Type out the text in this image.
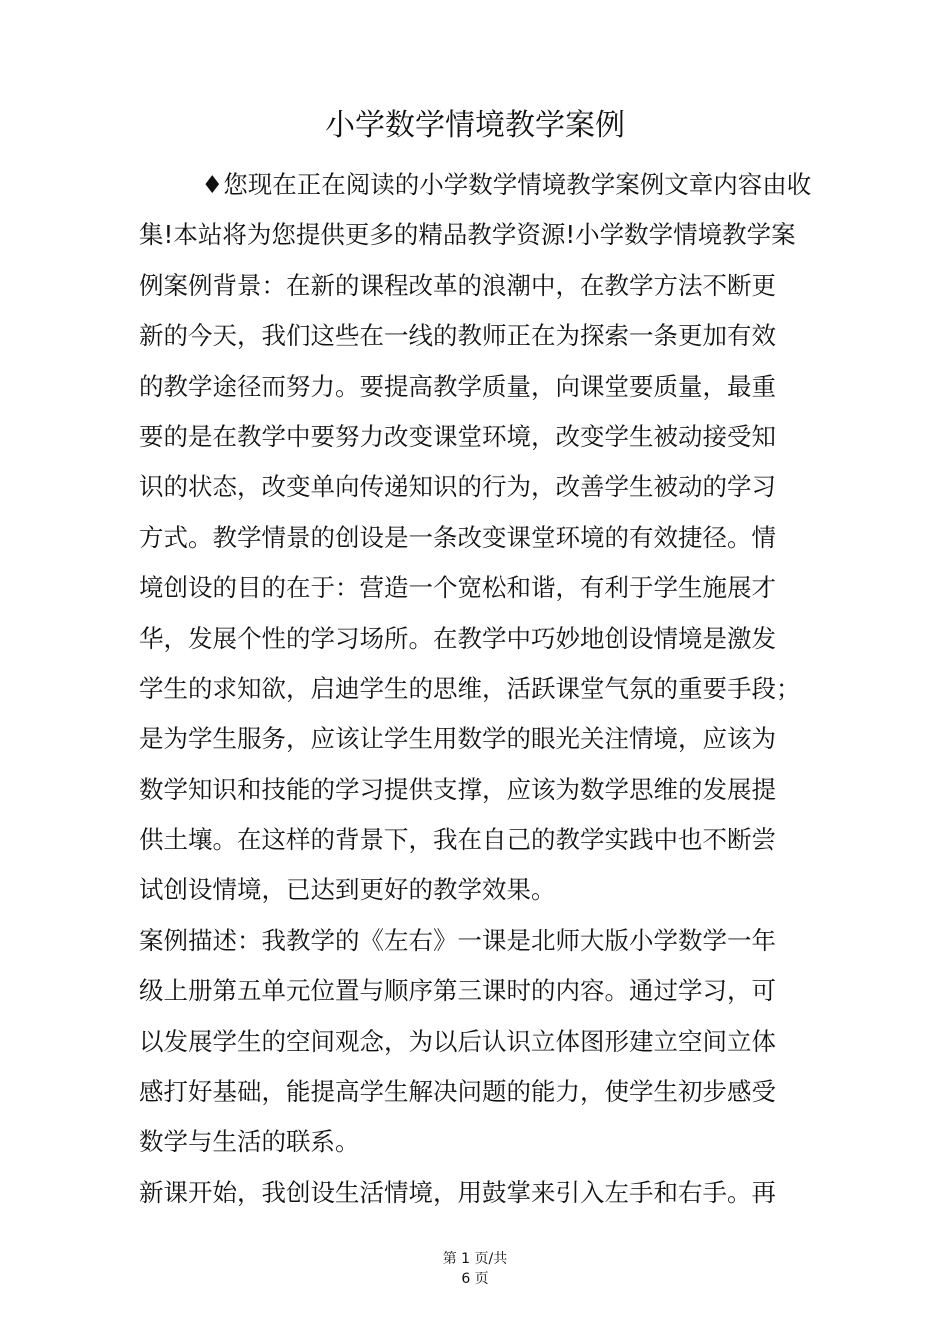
小学数学情境教学案例
♦您现在正在阅读的小学数学情境教学案例文章内容由收
集!本站将为您提供更多的精品教学资源!小学数学情境教学案
例案例背景：在新的课程改革的浪潮中，在教学方法不断更
新的今天，我们这些在一线的教师正在为探索一条更加有效
的教学途径而努力。要提高教学质量，向课堂要质量，最重
要的是在教学中要努力改变课堂环境，改变学生被动接受知
识的状态，改变单向传递知识的行为，改善学生被动的学习
方式。教学情景的创设是一条改变课堂环境的有效捷径。情
境创设的目的在于：营造一个宽松和谐，有利于学生施展才
华，发展个性的学习场所。在教学中巧妙地创设情境是激发
学生的求知欲，启迪学生的思维，活跃课堂气氛的重要手段；
是为学生服务，应该让学生用数学的眼光关注情境，应该为
数学知识和技能的学习提供支撑，应该为数学思维的发展提
供土壤。在这样的背景下，我在自己的教学实践中也不断尝
试创设情境，已达到更好的教学效果。
案例描述：我教学的《左右》一课是北师大版小学数学一年
级上册第五单元位置与顺序第三课时的内容。通过学习，可
以发展学生的空间观念，为以后认识立体图形建立空间立体
感打好基础，能提高学生解决问题的能力，使学生初步感受
数学与生活的联系。
新课开始，我创设生活情境，用鼓掌来引入左手和右手。再
第 1 页/共
6 页
